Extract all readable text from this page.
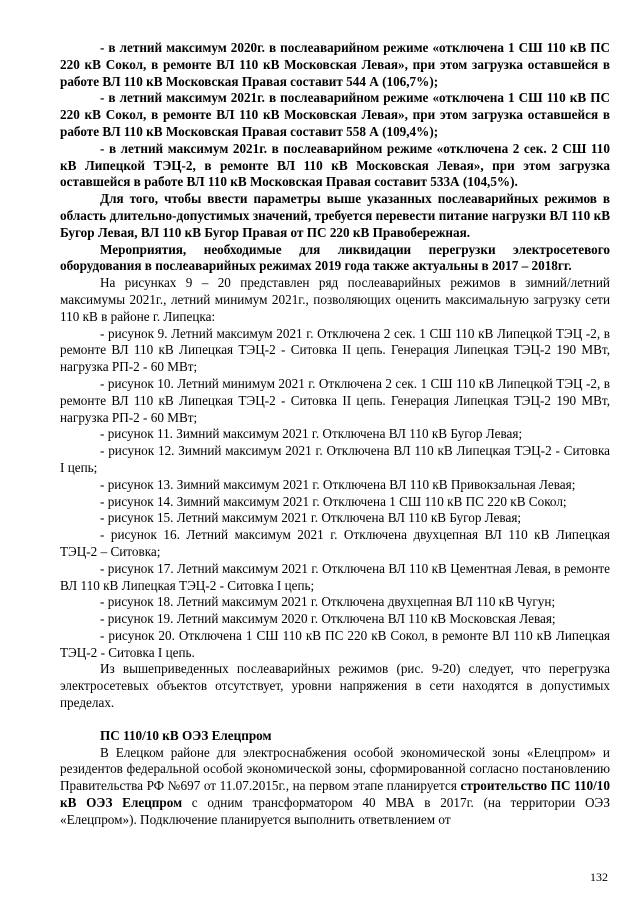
- в летний максимум 2020г. в послеаварийном режиме «отключена 1 СШ 110 кВ ПС 220 кВ Сокол, в ремонте ВЛ 110 кВ Московская Левая», при этом загрузка оставшейся в работе ВЛ 110 кВ Московская Правая составит 544 А (106,7%);

- в летний максимум 2021г. в послеаварийном режиме «отключена 1 СШ 110 кВ ПС 220 кВ Сокол, в ремонте ВЛ 110 кВ Московская Левая», при этом загрузка оставшейся в работе ВЛ 110 кВ Московская Правая составит 558 А (109,4%);

- в летний максимум 2021г. в послеаварийном режиме «отключена 2 сек. 2 СШ 110 кВ Липецкой ТЭЦ-2, в ремонте ВЛ 110 кВ Московская Левая», при этом загрузка оставшейся в работе ВЛ 110 кВ Московская Правая составит 533А (104,5%).

Для того, чтобы ввести параметры выше указанных послеаварийных режимов в область длительно-допустимых значений, требуется перевести питание нагрузки ВЛ 110 кВ Бугор Левая, ВЛ 110 кВ Бугор Правая от ПС 220 кВ Правобережная.

Мероприятия, необходимые для ликвидации перегрузки электросетевого оборудования в послеаварийных режимах 2019 года также актуальны в 2017 – 2018гг.

На рисунках 9 – 20 представлен ряд послеаварийных режимов в зимний/летний максимумы 2021г., летний минимум 2021г., позволяющих оценить максимальную загрузку сети 110 кВ в районе г. Липецка:

- рисунок 9. Летний максимум 2021 г. Отключена 2 сек. 1 СШ 110 кВ Липецкой ТЭЦ -2, в ремонте ВЛ 110 кВ Липецкая ТЭЦ-2 - Ситовка II цепь. Генерация Липецкая ТЭЦ-2 190 МВт, нагрузка РП-2 - 60 МВт;

- рисунок 10. Летний минимум 2021 г. Отключена 2 сек. 1 СШ 110 кВ Липецкой ТЭЦ -2, в ремонте ВЛ 110 кВ Липецкая ТЭЦ-2 - Ситовка II цепь. Генерация Липецкая ТЭЦ-2 190 МВт, нагрузка РП-2 - 60 МВт;

- рисунок 11. Зимний максимум 2021 г. Отключена ВЛ 110 кВ Бугор Левая;

- рисунок 12. Зимний максимум 2021 г. Отключена ВЛ 110 кВ Липецкая ТЭЦ-2 - Ситовка I цепь;

- рисунок 13. Зимний максимум 2021 г. Отключена ВЛ 110 кВ Привокзальная Левая;

- рисунок 14. Зимний максимум 2021 г. Отключена 1 СШ 110 кВ ПС 220 кВ Сокол;

- рисунок 15. Летний максимум 2021 г. Отключена ВЛ 110 кВ Бугор Левая;

- рисунок 16. Летний максимум 2021 г. Отключена двухцепная ВЛ 110 кВ Липецкая ТЭЦ-2 – Ситовка;

- рисунок 17. Летний максимум 2021 г. Отключена ВЛ 110 кВ Цементная Левая, в ремонте ВЛ 110 кВ Липецкая ТЭЦ-2 - Ситовка I цепь;

- рисунок 18. Летний максимум 2021 г. Отключена двухцепная ВЛ 110 кВ Чугун;

- рисунок 19. Летний максимум 2020 г. Отключена ВЛ 110 кВ Московская Левая;

- рисунок 20. Отключена 1 СШ 110 кВ ПС 220 кВ Сокол, в ремонте ВЛ 110 кВ Липецкая ТЭЦ-2 - Ситовка I цепь.

Из вышеприведенных послеаварийных режимов (рис. 9-20) следует, что перегрузка электросетевых объектов отсутствует, уровни напряжения в сети находятся в допустимых пределах.

ПС 110/10 кВ ОЭЗ Елецпром

В Елецком районе для электроснабжения особой экономической зоны «Елецпром» и резидентов федеральной особой экономической зоны, сформированной согласно постановлению Правительства РФ №697 от 11.07.2015г., на первом этапе планируется строительство ПС 110/10 кВ ОЭЗ Елецпром с одним трансформатором 40 МВА в 2017г. (на территории ОЭЗ «Елецпром»). Подключение планируется выполнить ответвлением от

132
